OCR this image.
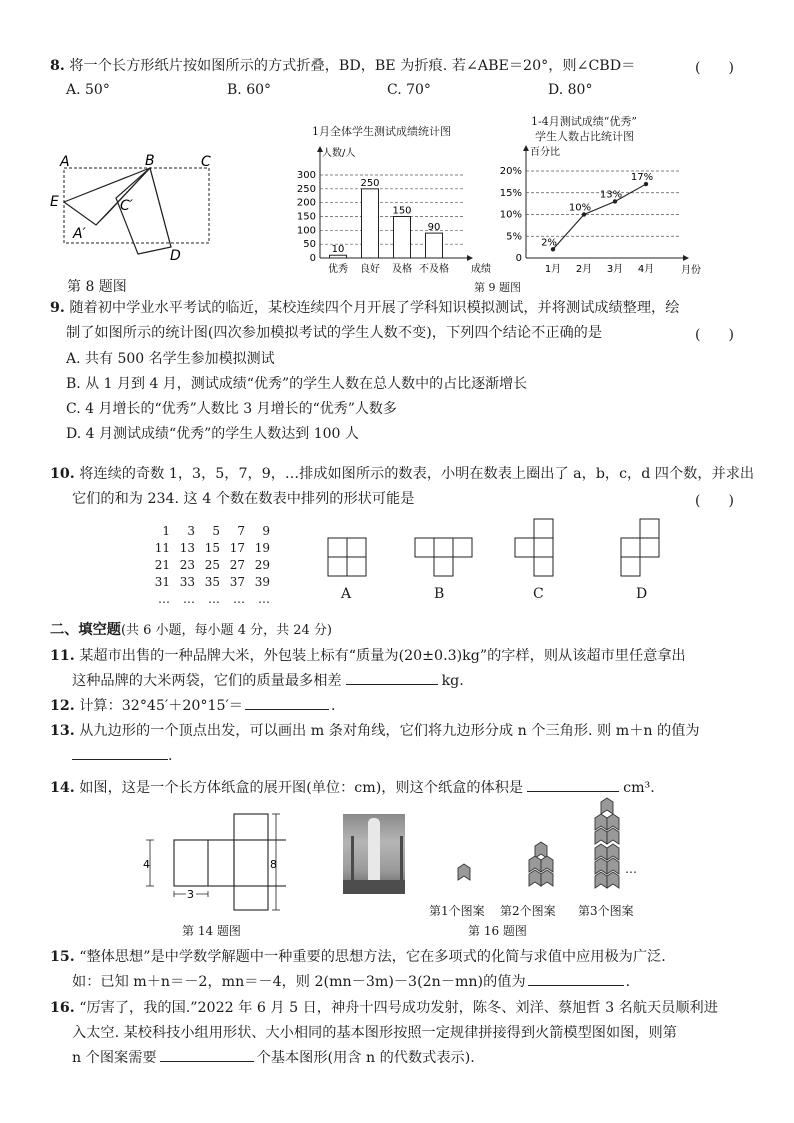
8. 将一个长方形纸片按如图所示的方式折叠，BD，BE 为折痕. 若∠ABE＝20°，则∠CBD＝	(　　)
A. 50°	B. 60°	C. 70°	D. 80°
A	B	C
E	C′
A′
D
第 8 题图
1月全体学生测试成绩统计图
人数/人
成绩
0
50
100
150
200
250
300
10
优秀
250
良好
150
及格
90
不及格
1-4月测试成绩“优秀”
学生人数占比统计图
百分比
月份
0
5%
10%
15%
20%
2%
1月
10%
2月
13%
3月
17%
4月
第 9 题图
9. 随着初中学业水平考试的临近，某校连续四个月开展了学科知识模拟测试，并将测试成绩整理，绘
制了如图所示的统计图(四次参加模拟考试的学生人数不变)，下列四个结论不正确的是	(　　)
A. 共有 500 名学生参加模拟测试
B. 从 1 月到 4 月，测试成绩“优秀”的学生人数在总人数中的占比逐渐增长
C. 4 月增长的“优秀”人数比 3 月增长的“优秀”人数多
D. 4 月测试成绩“优秀”的学生人数达到 100 人
10. 将连续的奇数 1，3，5，7，9，…排成如图所示的数表，小明在数表上圈出了 a，b，c，d 四个数，并求出
它们的和为 234. 这 4 个数在数表中排列的形状可能是	(　　)
1	3	5	7	9
11 13 15 17 19
21 23 25 27 29
31 33 35 37 39
…	…	…	…	…	A	B	C	D
二、填空题(共 6 小题，每小题 4 分，共 24 分)
11. 某超市出售的一种品牌大米，外包装上标有“质量为(20±0.3)kg”的字样，则从该超市里任意拿出
这种品牌的大米两袋，它们的质量最多相差	kg.
12. 计算：32°45′＋20°15′＝	.
13. 从九边形的一个顶点出发，可以画出 m 条对角线，它们将九边形分成 n 个三角形. 则 m＋n 的值为
.
14. 如图，这是一个长方体纸盒的展开图(单位：cm)，则这个纸盒的体积是	cm³.
4
3
8
第 14 题图
第1个图案 第2个图案 第3个图案
…
第 16 题图
15. “整体思想”是中学数学解题中一种重要的思想方法，它在多项式的化简与求值中应用极为广泛.
如：已知 m＋n＝－2，mn＝－4，则 2(mn－3m)－3(2n－mn)的值为	.
16. “厉害了，我的国.”2022 年 6 月 5 日，神舟十四号成功发射，陈冬、刘洋、蔡旭哲 3 名航天员顺利进
入太空. 某校科技小组用形状、大小相同的基本图形按照一定规律拼接得到火箭模型图如图，则第
n 个图案需要	个基本图形(用含 n 的代数式表示).
